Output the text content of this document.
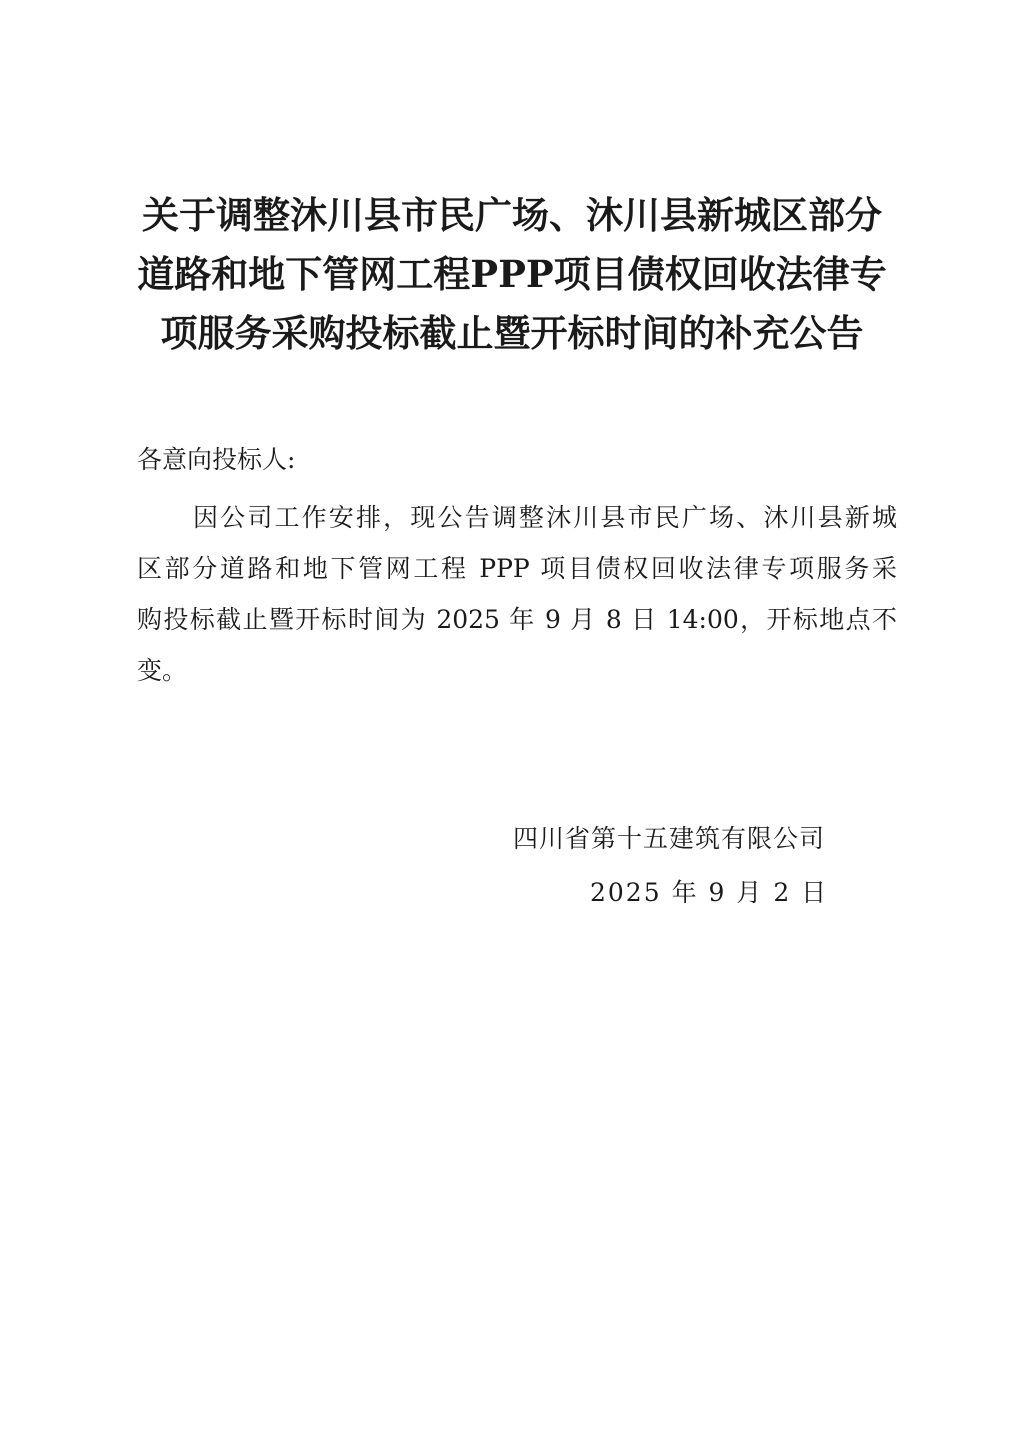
关于调整沐川县市民广场、沐川县新城区部分
道路和地下管网工程PPP项目债权回收法律专
项服务采购投标截止暨开标时间的补充公告
各意向投标人:
因公司工作安排，现公告调整沐川县市民广场、沐川县新城
区部分道路和地下管网工程 PPP 项目债权回收法律专项服务采
购投标截止暨开标时间为 2025 年 9 月 8 日 14:00，开标地点不
变。
四川省第十五建筑有限公司
2025 年 9 月 2 日
